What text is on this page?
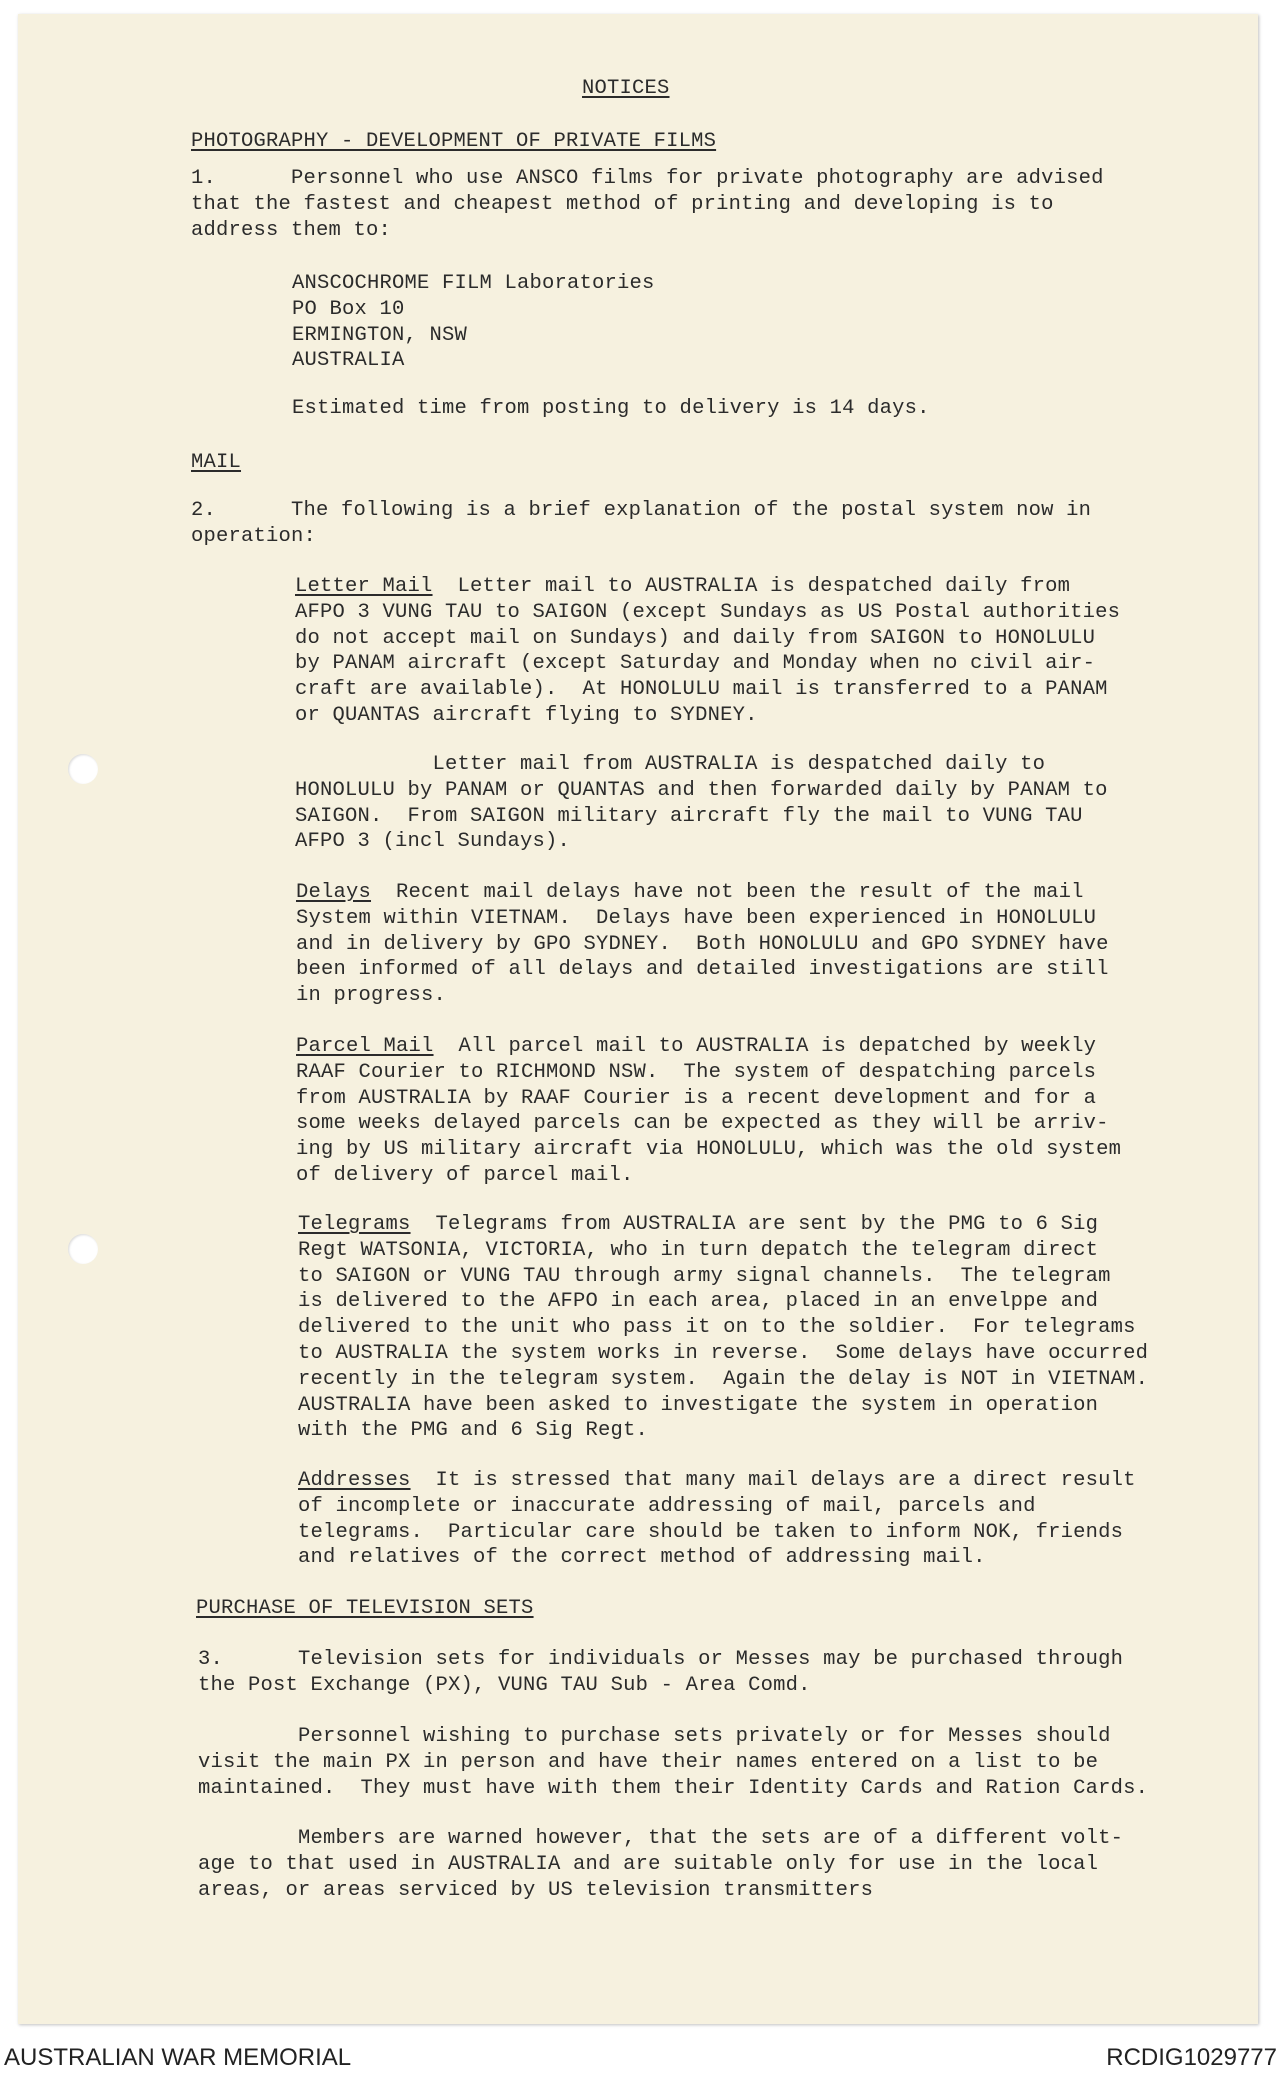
NOTICES

PHOTOGRAPHY - DEVELOPMENT OF PRIVATE FILMS

1.      Personnel who use ANSCO films for private photography are advised
that the fastest and cheapest method of printing and developing is to
address them to:

ANSCOCHROME FILM Laboratories
PO Box 10
ERMINGTON, NSW
AUSTRALIA

Estimated time from posting to delivery is 14 days.

MAIL

2.      The following is a brief explanation of the postal system now in
operation:

Letter Mail  Letter mail to AUSTRALIA is despatched daily from
AFPO 3 VUNG TAU to SAIGON (except Sundays as US Postal authorities
do not accept mail on Sundays) and daily from SAIGON to HONOLULU
by PANAM aircraft (except Saturday and Monday when no civil air-
craft are available).  At HONOLULU mail is transferred to a PANAM
or QUANTAS aircraft flying to SYDNEY.

Letter mail from AUSTRALIA is despatched daily to
HONOLULU by PANAM or QUANTAS and then forwarded daily by PANAM to
SAIGON.  From SAIGON military aircraft fly the mail to VUNG TAU
AFPO 3 (incl Sundays).

Delays  Recent mail delays have not been the result of the mail
System within VIETNAM.  Delays have been experienced in HONOLULU
and in delivery by GPO SYDNEY.  Both HONOLULU and GPO SYDNEY have
been informed of all delays and detailed investigations are still
in progress.
Parcel Mail  All parcel mail to AUSTRALIA is depatched by weekly
RAAF Courier to RICHMOND NSW.  The system of despatching parcels
from AUSTRALIA by RAAF Courier is a recent development and for a
some weeks delayed parcels can be expected as they will be arriv-
ing by US military aircraft via HONOLULU, which was the old system
of delivery of parcel mail.
Telegrams  Telegrams from AUSTRALIA are sent by the PMG to 6 Sig
Regt WATSONIA, VICTORIA, who in turn depatch the telegram direct
to SAIGON or VUNG TAU through army signal channels.  The telegram
is delivered to the AFPO in each area, placed in an envelppe and
delivered to the unit who pass it on to the soldier.  For telegrams
to AUSTRALIA the system works in reverse.  Some delays have occurred
recently in the telegram system.  Again the delay is NOT in VIETNAM.
AUSTRALIA have been asked to investigate the system in operation
with the PMG and 6 Sig Regt.
Addresses  It is stressed that many mail delays are a direct result
of incomplete or inaccurate addressing of mail, parcels and
telegrams.  Particular care should be taken to inform NOK, friends
and relatives of the correct method of addressing mail.

PURCHASE OF TELEVISION SETS

3.      Television sets for individuals or Messes may be purchased through
the Post Exchange (PX), VUNG TAU Sub - Area Comd.

Personnel wishing to purchase sets privately or for Messes should
visit the main PX in person and have their names entered on a list to be
maintained.  They must have with them their Identity Cards and Ration Cards.

Members are warned however, that the sets are of a different volt-
age to that used in AUSTRALIA and are suitable only for use in the local
areas, or areas serviced by US television transmitters

AUSTRALIAN WAR MEMORIAL	RCDIG1029777
